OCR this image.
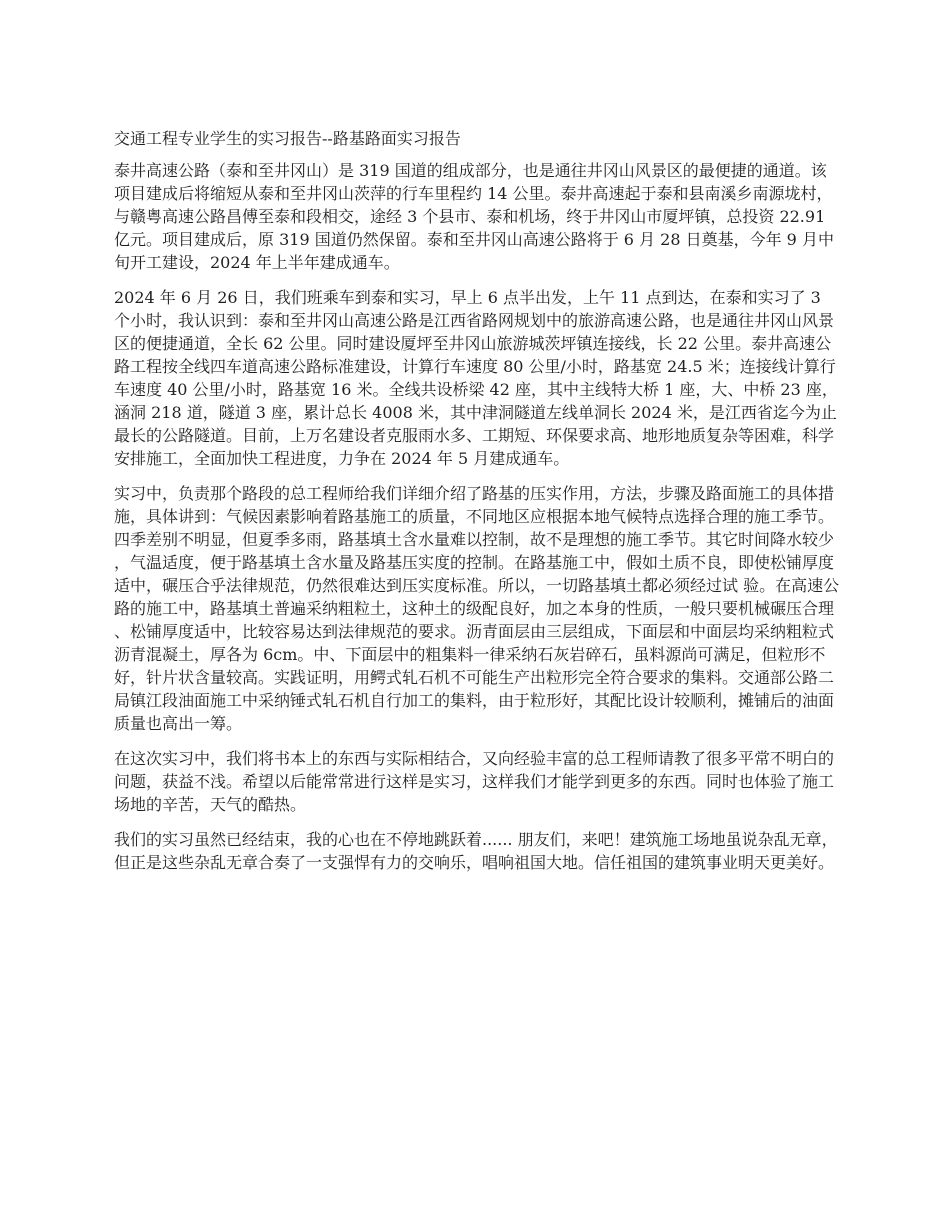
交通工程专业学生的实习报告--路基路面实习报告

泰井高速公路（泰和至井冈山）是 319 国道的组成部分，也是通往井冈山风景区的最便捷的通道。该项目建成后将缩短从泰和至井冈山茨萍的行车里程约 14 公里。泰井高速起于泰和县南溪乡南源垅村，与赣粤高速公路昌傅至泰和段相交，途经 3 个县市、泰和机场，终于井冈山市厦坪镇，总投资 22.91 亿元。项目建成后，原 319 国道仍然保留。泰和至井冈山高速公路将于 6 月 28 日奠基，今年 9 月中旬开工建设，2024 年上半年建成通车。

2024 年 6 月 26 日，我们班乘车到泰和实习，早上 6 点半出发，上午 11 点到达，在泰和实习了 3 个小时，我认识到：泰和至井冈山高速公路是江西省路网规划中的旅游高速公路，也是通往井冈山风景区的便捷通道，全长 62 公里。同时建设厦坪至井冈山旅游城茨坪镇连接线，长 22 公里。泰井高速公路工程按全线四车道高速公路标准建设，计算行车速度 80 公里/小时，路基宽 24.5 米；连接线计算行车速度 40 公里/小时，路基宽 16 米。全线共设桥梁 42 座，其中主线特大桥 1 座，大、中桥 23 座，涵洞 218 道，隧道 3 座，累计总长 4008 米，其中津洞隧道左线单洞长 2024 米，是江西省迄今为止最长的公路隧道。目前，上万名建设者克服雨水多、工期短、环保要求高、地形地质复杂等困难，科学安排施工，全面加快工程进度，力争在 2024 年 5 月建成通车。

实习中，负责那个路段的总工程师给我们详细介绍了路基的压实作用，方法，步骤及路面施工的具体措施，具体讲到：气候因素影响着路基施工的质量，不同地区应根据本地气候特点选择合理的施工季节。四季差别不明显，但夏季多雨，路基填土含水量难以控制，故不是理想的施工季节。其它时间降水较少，气温适度，便于路基填土含水量及路基压实度的控制。在路基施工中，假如土质不良，即使松铺厚度适中，碾压合乎法律规范，仍然很难达到压实度标准。所以，一切路基填土都必须经过试 验。在高速公路的施工中，路基填土普遍采纳粗粒土，这种土的级配良好，加之本身的性质，一般只要机械碾压合理、松铺厚度适中，比较容易达到法律规范的要求。沥青面层由三层组成，下面层和中面层均采纳粗粒式沥青混凝土，厚各为 6cm。中、下面层中的粗集料一律采纳石灰岩碎石，虽料源尚可满足，但粒形不好，针片状含量较高。实践证明，用鳄式轧石机不可能生产出粒形完全符合要求的集料。交通部公路二局镇江段油面施工中采纳锤式轧石机自行加工的集料，由于粒形好，其配比设计较顺利，摊铺后的油面质量也高出一筹。

在这次实习中，我们将书本上的东西与实际相结合，又向经验丰富的总工程师请教了很多平常不明白的问题，获益不浅。希望以后能常常进行这样是实习，这样我们才能学到更多的东西。同时也体验了施工场地的辛苦，天气的酷热。

我们的实习虽然已经结束，我的心也在不停地跳跃着...... 朋友们，来吧！建筑施工场地虽说杂乱无章，但正是这些杂乱无章合奏了一支强悍有力的交响乐，唱响祖国大地。信任祖国的建筑事业明天更美好。
